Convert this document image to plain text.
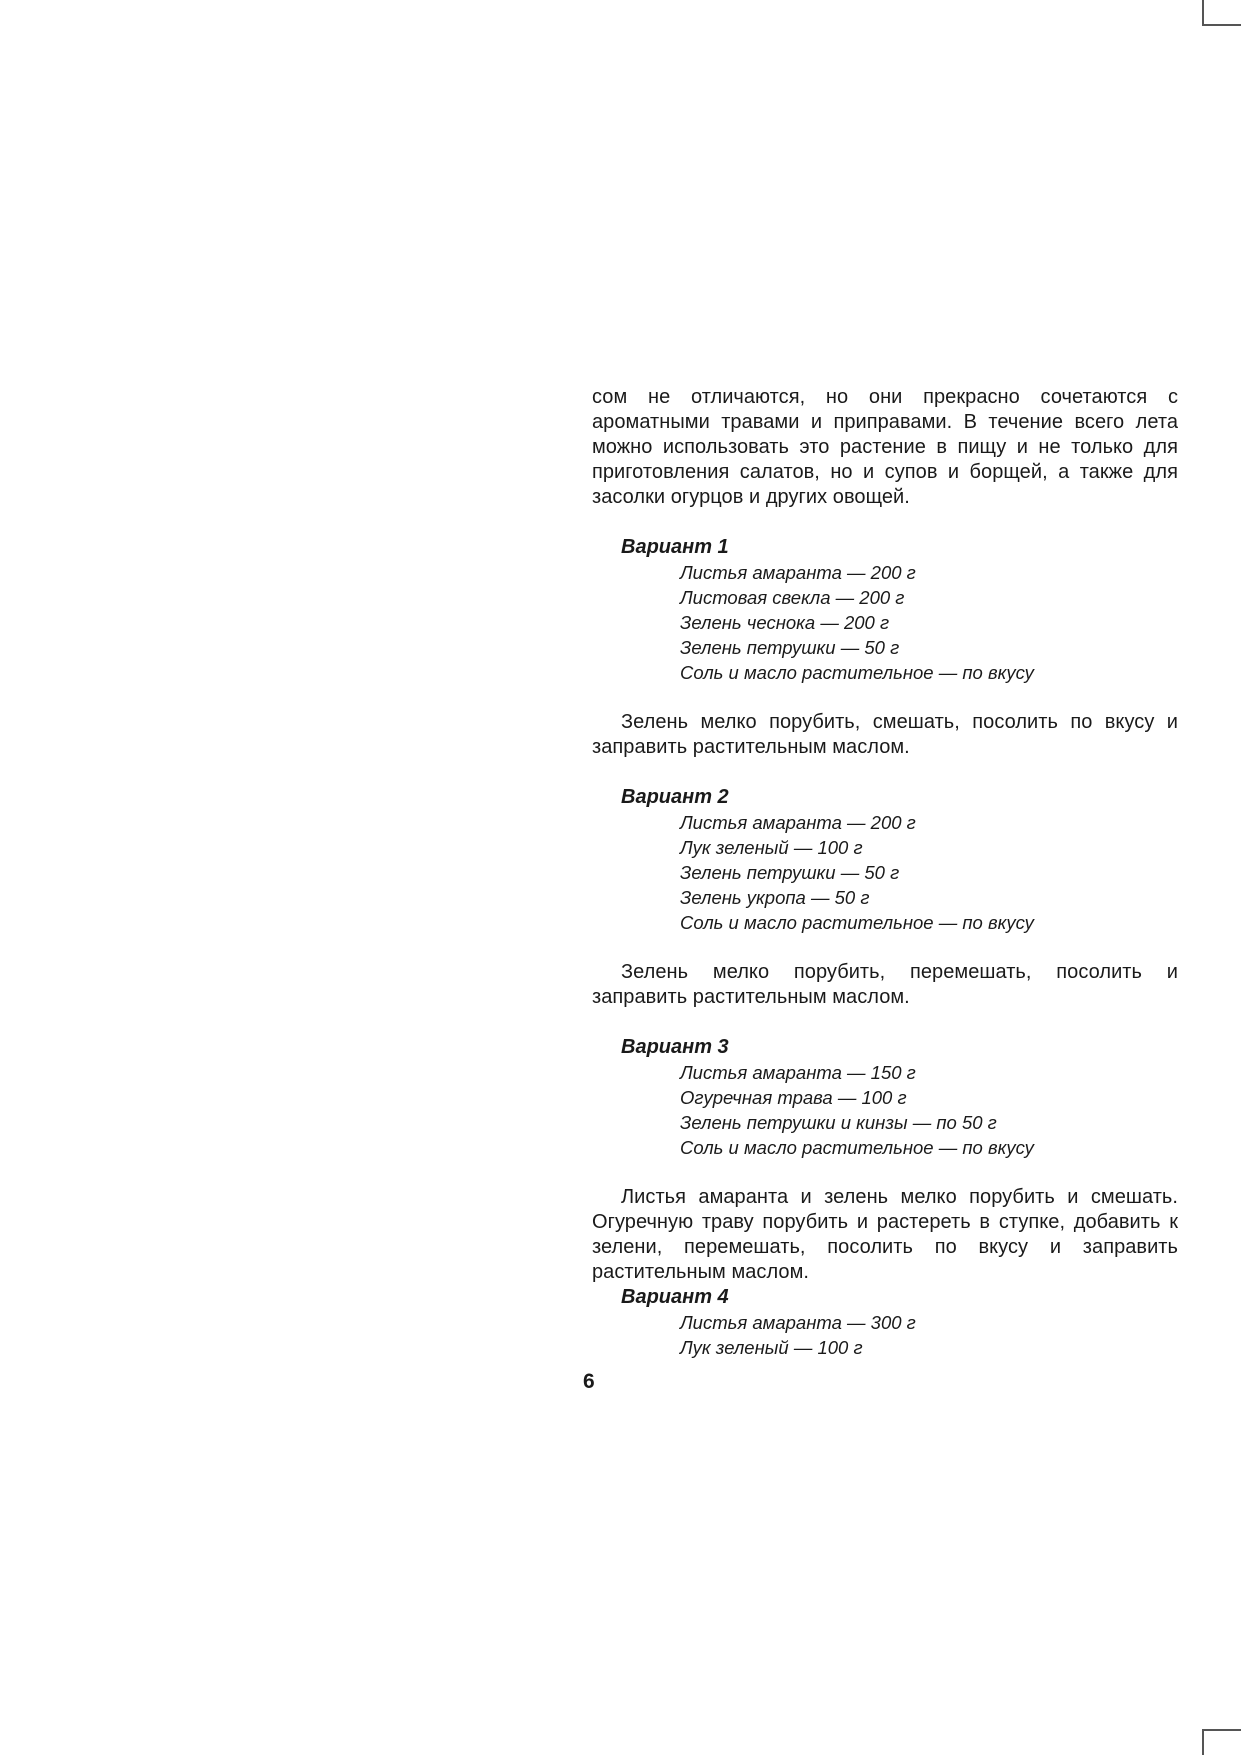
сом не отличаются, но они прекрасно сочетаются с ароматными травами и приправами. В течение всего лета можно использовать это растение в пищу и не только для приготовления салатов, но и супов и борщей, а также для засолки огурцов и других овощей.

Вариант 1
Листья амаранта — 200 г
Листовая свекла — 200 г
Зелень чеснока — 200 г
Зелень петрушки — 50 г
Соль и масло растительное — по вкусу

Зелень мелко порубить, смешать, посолить по вкусу и заправить растительным маслом.

Вариант 2
Листья амаранта — 200 г
Лук зеленый — 100 г
Зелень петрушки — 50 г
Зелень укропа — 50 г
Соль и масло растительное — по вкусу

Зелень мелко порубить, перемешать, посолить и заправить растительным маслом.

Вариант 3
Листья амаранта — 150 г
Огуречная трава — 100 г
Зелень петрушки и кинзы — по 50 г
Соль и масло растительное — по вкусу

Листья амаранта и зелень мелко порубить и смешать. Огуречную траву порубить и растереть в ступке, добавить к зелени, перемешать, посолить по вкусу и заправить растительным маслом.

Вариант 4
Листья амаранта — 300 г
Лук зеленый — 100 г
6
